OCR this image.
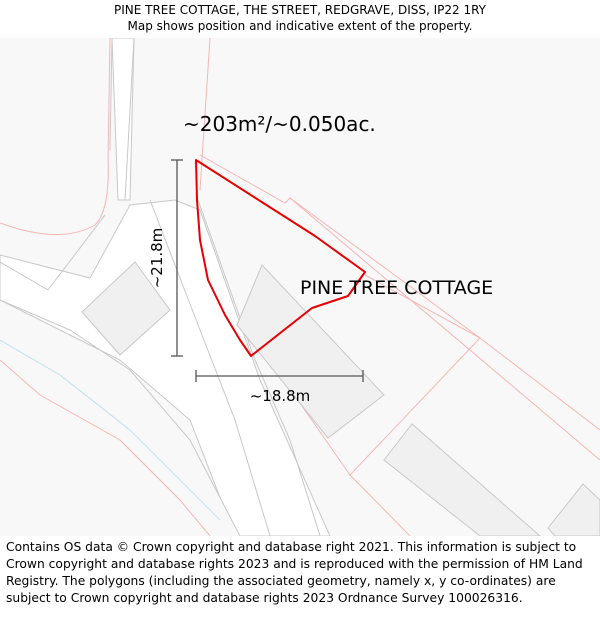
PINE TREE COTTAGE, THE STREET, REDGRAVE, DISS, IP22 1RY
Map shows position and indicative extent of the property.
~21.8m
~18.8m
~203m²/~0.050ac.
PINE TREE COTTAGE
Contains OS data © Crown copyright and database right 2021. This information is subject to Crown copyright and database rights 2023 and is reproduced with the permission of HM Land Registry. The polygons (including the associated geometry, namely x, y co-ordinates) are subject to Crown copyright and database rights 2023 Ordnance Survey 100026316.
